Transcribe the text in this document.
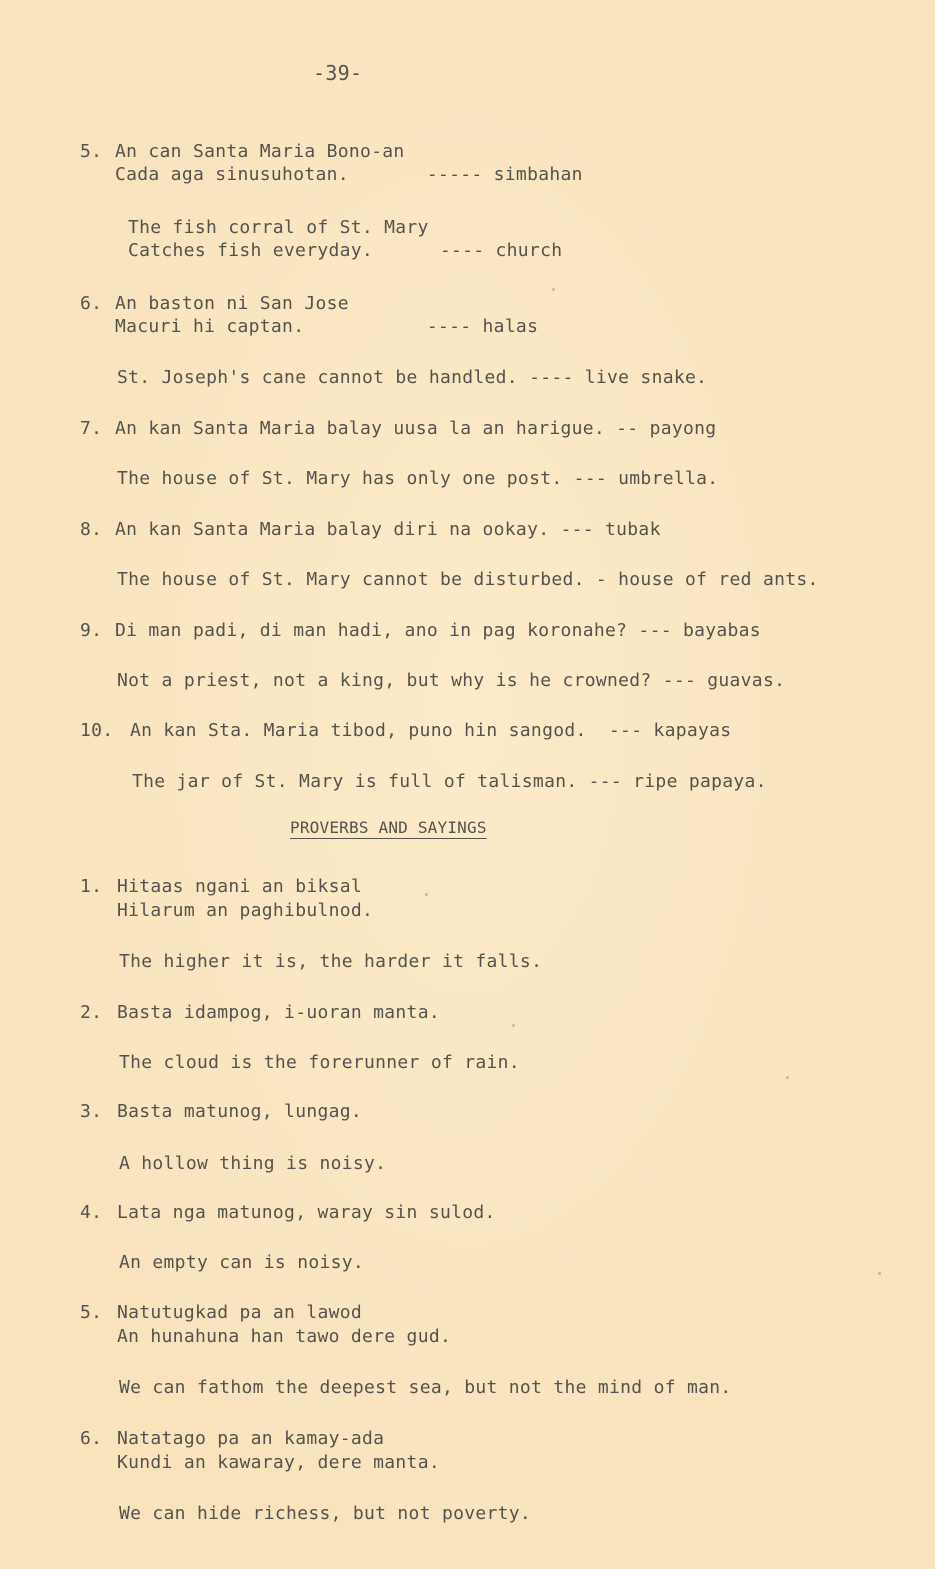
-39-
5. An can Santa Maria Bono-an
Cada aga sinusuhotan.       ----- simbahan
The fish corral of St. Mary
Catches fish everyday.      ---- church
6. An baston ni San Jose
Macuri hi captan.           ---- halas
St. Joseph's cane cannot be handled. ---- live snake.
7. An kan Santa Maria balay uusa la an harigue. -- payong
The house of St. Mary has only one post. --- umbrella.
8. An kan Santa Maria balay diri na ookay. --- tubak
The house of St. Mary cannot be disturbed. - house of red ants.
9. Di man padi, di man hadi, ano in pag koronahe? --- bayabas
Not a priest, not a king, but why is he crowned? --- guavas.
10. An kan Sta. Maria tibod, puno hin sangod.  --- kapayas
The jar of St. Mary is full of talisman. --- ripe papaya.
PROVERBS AND SAYINGS
1. Hitaas ngani an biksal
Hilarum an paghibulnod.
The higher it is, the harder it falls.
2. Basta idampog, i-uoran manta.
The cloud is the forerunner of rain.
3. Basta matunog, lungag.
A hollow thing is noisy.
4. Lata nga matunog, waray sin sulod.
An empty can is noisy.
5. Natutugkad pa an lawod
An hunahuna han tawo dere gud.
We can fathom the deepest sea, but not the mind of man.
6. Natatago pa an kamay-ada
Kundi an kawaray, dere manta.
We can hide richess, but not poverty.
